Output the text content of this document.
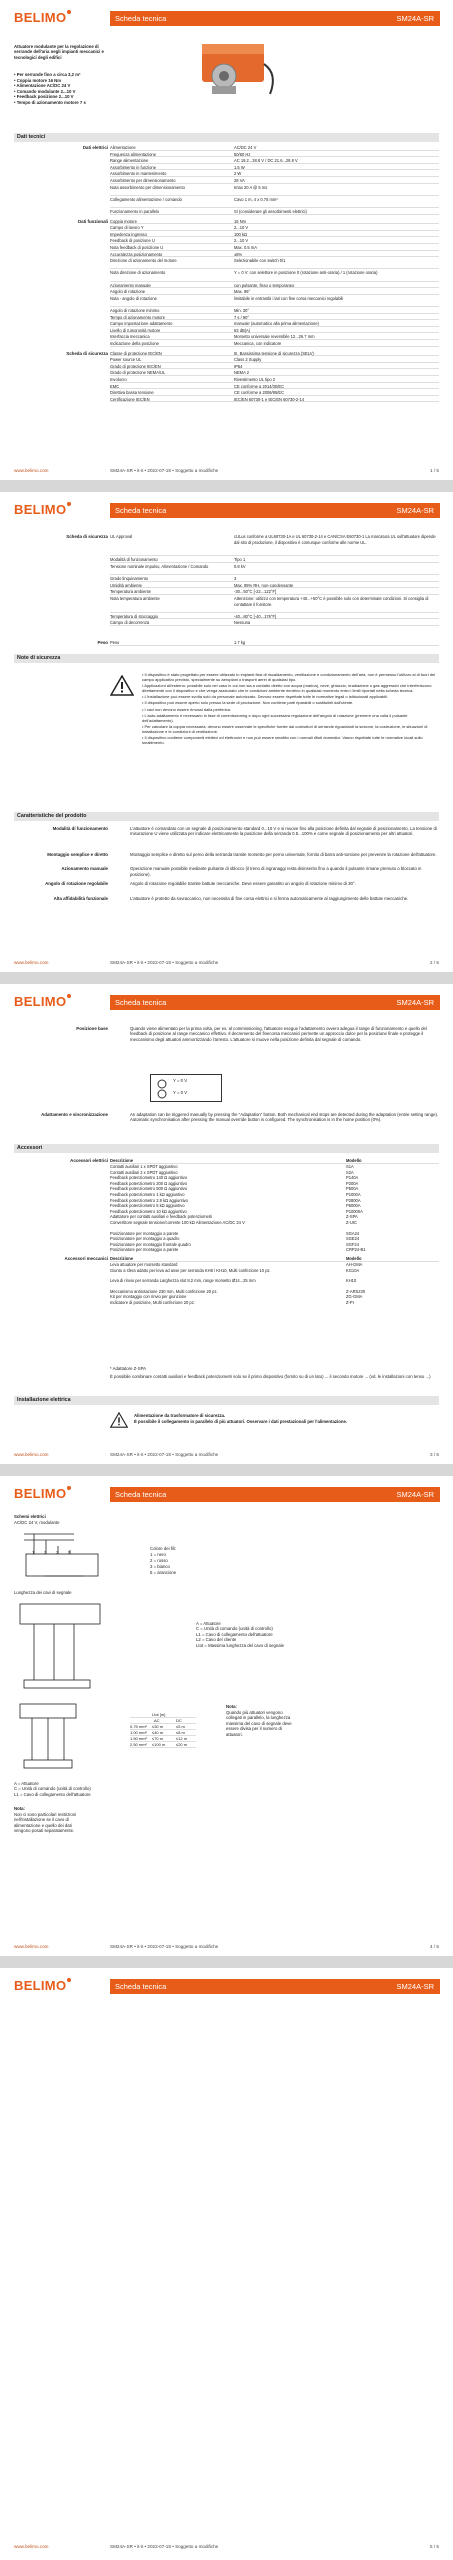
BELIMO	Scheda tecnica	SM24A-SR
Attuatore modulante per la regolazione di serrande dell'aria negli impianti meccanici e tecnologici degli edifici
• Per serrande fino a circa 3,2 m²
• Coppia motore 16 Nm
• Alimentazione AC/DC 24 V
• Comando modulante 2...10 V
• Feedback posizione 2...10 V
• Tempo di azionamento motore 7 s
Dati tecnici
www.belimo.com	SM24A-SR • it-it • 2022-07-18 • Soggetto a modifiche	1 / 5
Dati elettrici Alimentazione	AC/DC 24 V
Frequenza alimentazione	50/60 Hz
Range alimentazione	AC 19.2...28.8 V / DC 21.6...28.8 V
Assorbimento in funzione	1.5 W
Assorbimento in mantenimento	2 W
Assorbimento per dimensionamento	28 VA
Nota assorbimento per dimensionamento	Imax 20 A @ 5 ms
Collegamento alimentazione / comando	Cavo 1 m, 4 x 0.75 mm²
Funzionamento in parallelo	Sì (considerare gli assorbimenti elettrici)
Dati funzionali Coppia motore	16 Nm
Campo di lavoro Y	2...10 V
Impedenza ingresso	100 kΩ
Feedback di posizione U	2...10 V
Nota feedback di posizione U	Max. 0.5 mA
Accuratezza posizionamento	±5%
Direzione di azionamento del motore	Selezionabile con switch 0/1
Nota direzione di azionamento	Y = 0 V: con selettore in posizione 0 (rotazione anti-oraria) / 1 (rotazione oraria)
Azionamento manuale	con pulsante, fisso o temporaneo
Angolo di rotazione	Max. 95°
Nota - angolo di rotazione	limitabile in entrambi i lati con fine corsa meccanici regolabili
Angolo di rotazione minimo	Min. 30°
Tempo di azionamento motore	7 s / 90°
Campo impostazione adattamento	manuale (automatico alla prima alimentazione)
Livello di rumorosità motore	63 dB(A)
Interfaccia meccanica	Morsetto universale reversibile 12...26.7 mm
Indicazione della posizione	Meccanica, con indicatore
Scheda di sicurezza Classe di protezione IEC/EN	III, Bassissima tensione di sicurezza (SELV)
Power source UL	Class 2 Supply
Grado di protezione IEC/EN	IP54
Grado di protezione NEMA/UL	NEMA 2
Involucro	Rivestimento UL tipo 2
EMC	CE conforme a 2014/30/EC
Direttiva bassa tensione	CE conforme a 2006/95/EC
Certificazione IEC/EN	IEC/EN 60730-1 e IEC/EN 60730-2-14
BELIMO	Scheda tecnica	SM24A-SR
Scheda di sicurezza
Peso Peso	1.7 kg
Note di sicurezza
• Il dispositivo è stato progettato per essere utilizzato in impianti fissi di riscaldamento, ventilazione e condizionamento dell'aria, non è permesso l'utilizzo al di fuori del campo applicativo previsto, specialmente su aeroplani o trasporti aerei di qualsiasi tipo.
• Applicazioni all'esterno: possibile solo nel caso in cui non sia a contatto diretto con acqua (marina), neve, ghiaccio, irradiazione o gas aggressivi che interferiscono direttamente con il dispositivo e che venga assicurato che le condizioni ambiente rientrino in qualsiasi momento entro i limiti riportati nella scheda tecnica.
• L'installazione può essere svolta solo da personale autorizzato. Devono essere rispettate tutte le normative legali o istituzionali applicabili.
• Il dispositivo può essere aperto solo presso la sede di produzione. Non contiene parti riparabili o sostituibili dall'utente.
• I cavi non devono essere rimossi dalla periferica.
• L'auto-adattamento è necessario in fase di commissioning e dopo ogni successiva regolazione dell'angolo di rotazione (premere una volta il pulsante dell'adattamento).
• Per calcolare la coppia necessaria, devono essere osservate le specifiche fornite dai costruttori di serrande riguardanti la sezione, la costruzione, le situazioni di installazione e le condizioni di ventilazione.
• Il dispositivo contiene componenti elettrici ed elettronici e non può essere smaltito con i normali rifiuti domestici. Vanno rispettate tutte le normative locali sullo smaltimento.
Caratteristiche del prodotto
www.belimo.com	SM24A-SR • it-it • 2022-07-18 • Soggetto a modifiche	2 / 5
UL Approval	cULus conforme a UL60730-1A e UL 60730-2-14 e CAN/CSA E60730-1 La marcatura UL sull'attuatore dipende dal sito di produzione, il dispositivo è comunque conforme alle norme UL.
Modalità di funzionamento	Tipo 1
Tensione nominale impulso, Alimentazione / Comando	0.8 kV
Grado linquinamento	3
Umidità ambiente	Max. 95% RH, non-condensante
Temperatura ambiente	-30...50°C [-22...122°F]
Nota temperatura ambiente	Attenzione: utilizzo con temperatura +40...+50°C è possibile solo con determinate condizioni. Si consiglia di contattare il fornitore.
Temperatura di stoccaggio	-40...80°C [-40...176°F]
Campo di decorrenza	Nessuna
Modalità di funzionamento	L'attuatore è comandato con un segnale di posizionamento standard 0...10 V e si muove fino alla posizione definita dal segnale di posizionamento. La tensione di misurazione U viene utilizzata per indicare elettricamente la posizione della serranda 0.5...100% e come segnale di posizionamento per altri attuatori.
Montaggio semplice e diretto	Montaggio semplice e diretto sul perno della serranda tramite morsetto per perno universale, fornito di barra anti-torsione per prevenire la rotazione dell'attuatore.
Azionamento manuale	Operazione manuale possibile mediante pulsante di sblocco (il treno di ingranaggi resta disinserito fino a quando il pulsante rimane premuto o bloccato in posizione).
Angolo di rotazione regolabile	Angolo di rotazione regolabile tramite battute meccaniche. Deve essere garantito un angolo di rotazione minimo di 30°.
Alta affidabilità funzionale	L'attuatore è protetto da sovraccarico, non necessita di fine corsa elettrici e si ferma automaticamente al raggiungimento delle battute meccaniche.
BELIMO	Scheda tecnica	SM24A-SR
Posizione base	Quando viene alimentato per la prima volta, per es. al commissioning, l'attuatore esegue l'adattamento ovvero adegua il range di funzionamento e quello del feedback di posizione al range meccanico effettivo. Il decremento del finecorsa meccanici permette un approccio dolce per la posizione finale e protegge il meccanismo degli attuatori ammortizzando l'arresto. L'attuatore si muove nella posizione definita dal segnale di comando.
Y = 0 V
Y = 0 V
Adattamento e sincronizzazione	An adaptation can be triggered manually by pressing the "Adaptation" button. Both mechanical end stops are detected during the adaptation (entire setting range). Automatic synchronisation after pressing the manual override button is configured. The synchronisation is in the home position (0%).
Accessori
* Adattatore Z-SPA
È possibile combinare contatti ausiliari e feedback potenziometri solo se il primo dispositivo (fornito su di un lato) ... il secondo motore ... (vd. le installazioni con tenso ...)
Installazione elettrica
Alimentazione da trasformatore di sicurezza.
È possibile il collegamento in parallelo di più attuatori. Osservare i dati prestazionali per l'alimentazione.
www.belimo.com	SM24A-SR • it-it • 2022-07-18 • Soggetto a modifiche	3 / 5
Accessori elettrici Descrizione	Modello
Contatti ausiliari 1 x SPDT aggiuntivo	S1A
Contatti ausiliari 2 x SPDT aggiuntivo	S2A
Feedback potenziometro 140 Ω aggiuntivo	P140A
Feedback potenziometro 200 Ω aggiuntivo	P200A
Feedback potenziometro 500 Ω aggiuntivo	P500A
Feedback potenziometro 1 kΩ aggiuntivo	P1000A
Feedback potenziometro 2.8 kΩ aggiuntivo	P2800A
Feedback potenziometro 5 kΩ aggiuntivo	P5000A
Feedback potenziometro 10 kΩ aggiuntivo	P10000A
Adattatore per contatti ausiliari e feedback potenziometri	Z-SPA
Convertitore segnale tensione/corrente 100 kΩ Alimentazione AC/DC 24 V	Z-UIC
Posizionatore per montaggio a parete	SGA24
Posizionatore per montaggio a quadro	SGE24
Posizionatore per montaggio frontale quadro	SGF24
Posizionatore per montaggio a parete	CRP24-B1
Accessori meccanici Descrizione	Modello
Leva attuatore per morsetto standard	AH-GMA
Giunto a sfera adatto per leva ad asse per serranda KH8 / KH10, Multi confezione 10 pz.	KG10A
Leva di rinvio per serranda Larghezza slot 8.2 mm, range morsetto Ø14...25 mm	KH10
Meccanismo antirotazione 230 mm, Multi confezione 20 pz.	Z-ARS230
Kit per montaggio con rinvio per giunzione	ZG-GMA
Indicatore di posizione, Multi confezione 20 pz.	Z-PI
BELIMO	Scheda tecnica	SM24A-SR
Schemi elettrici
AC/DC 24 V, modulante
1 2 3 5
Colore dei fili:
1 = nero
2 = rosso
3 = bianco
5 = arancione
Lunghezza dei cavi di segnale
A = Attuatore
C = Unità di comando (unità di controllo)
L1 = Cavo di collegamento dell'attuatore
L2 = Cavo del cliente
Ltot = Massima lunghezza del cavo di segnale
Ltot [m]
AC	DC
0.75 mm² ≤30 m	≤5 m
1.00 mm² ≤40 m	≤8 m
1.50 mm² ≤70 m	≤12 m
2.50 mm² ≤100 m	≤20 m
Nota:
Quando più attuatori vengono collegati in parallelo, la lunghezza massima del cavo di segnale deve essere divisa per il numero di attuatori.
A = Attuatore
C = Unità di comando (unità di controllo)
L1 = Cavo di collegamento dell'attuatore
Nota:
Non ci sono particolari restrizioni nell'installazione se il cavo di alimentazione e quello dei dati vengono posati separatamente.
www.belimo.com	SM24A-SR • it-it • 2022-07-18 • Soggetto a modifiche	4 / 5
BELIMO	Scheda tecnica	SM24A-SR
www.belimo.com	SM24A-SR • it-it • 2022-07-18 • Soggetto a modifiche	5 / 5
